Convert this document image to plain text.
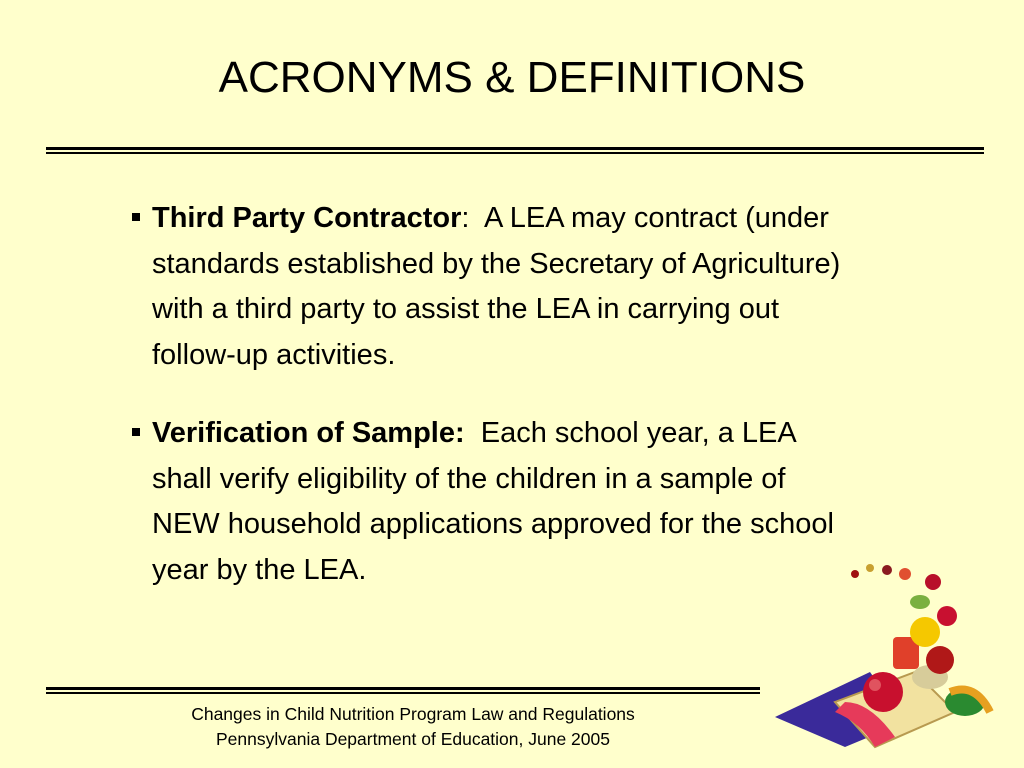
ACRONYMS & DEFINITIONS
Third Party Contractor:  A LEA may contract (under standards established by the Secretary of Agriculture) with a third party to assist the LEA in carrying out follow-up activities.
Verification of Sample:  Each school year, a LEA shall verify eligibility of the children in a sample of NEW household applications approved for the school year by the LEA.
Changes in Child Nutrition Program Law and Regulations
Pennsylvania Department of Education, June 2005
